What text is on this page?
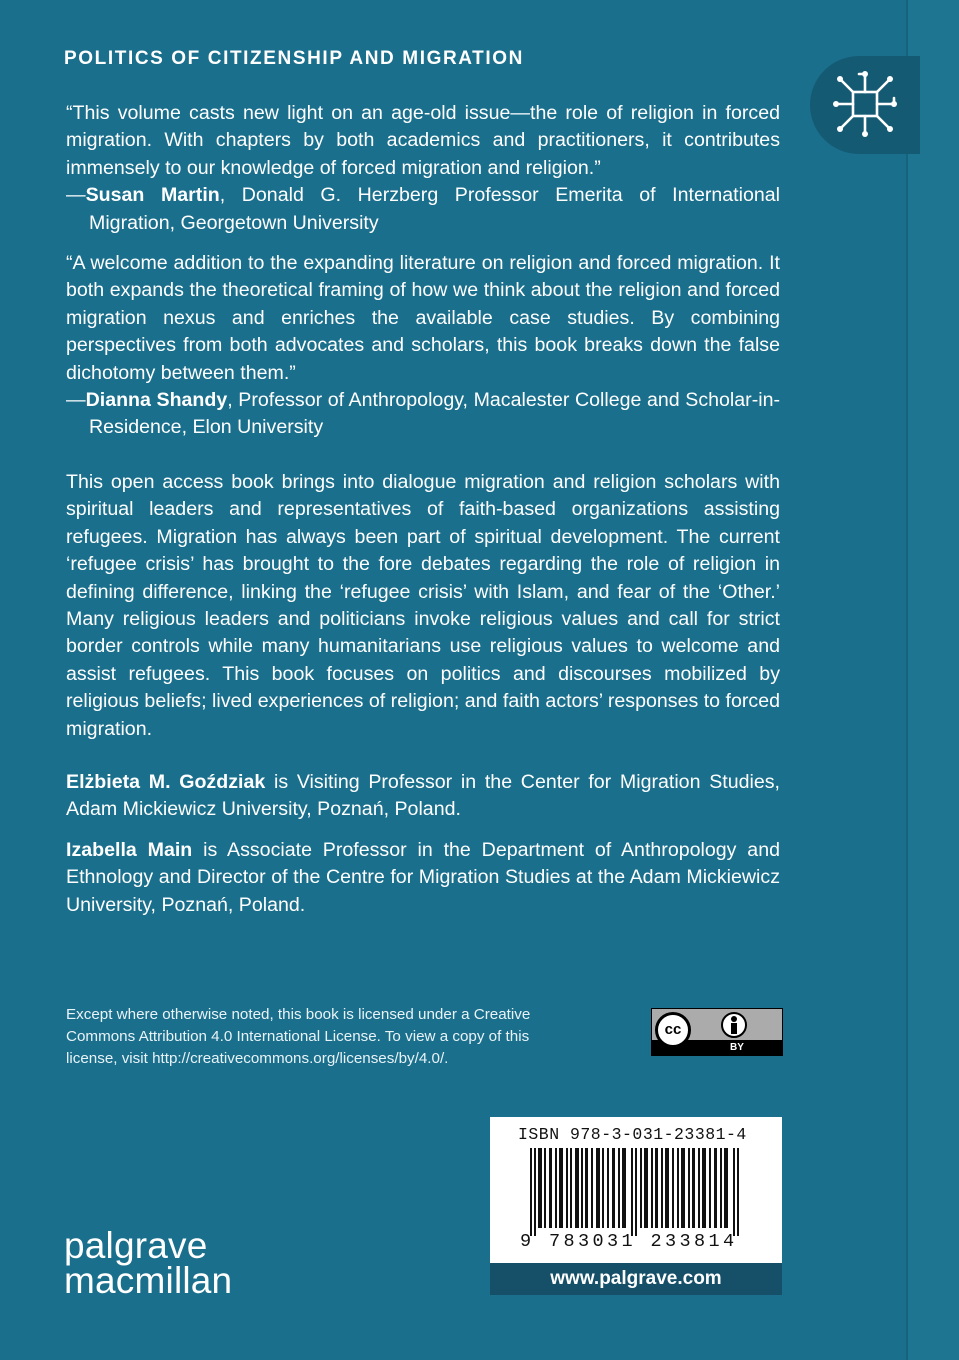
POLITICS OF CITIZENSHIP AND MIGRATION

“This volume casts new light on an age-old issue—the role of religion in forced migration. With chapters by both academics and practitioners, it contributes immensely to our knowledge of forced migration and religion.”

—Susan Martin, Donald G. Herzberg Professor Emerita of International Migration, Georgetown University

“A welcome addition to the expanding literature on religion and forced migration. It both expands the theoretical framing of how we think about the religion and forced migration nexus and enriches the available case studies. By combining perspectives from both advocates and scholars, this book breaks down the false dichotomy between them.”

—Dianna Shandy, Professor of Anthropology, Macalester College and Scholar-in-Residence, Elon University

This open access book brings into dialogue migration and religion scholars with spiritual leaders and representatives of faith-based organizations assisting refugees. Migration has always been part of spiritual development. The current ‘refugee crisis’ has brought to the fore debates regarding the role of religion in defining difference, linking the ‘refugee crisis’ with Islam, and fear of the ‘Other.’ Many religious leaders and politicians invoke religious values and call for strict border controls while many humanitarians use religious values to welcome and assist refugees. This book focuses on politics and discourses mobilized by religious beliefs; lived experiences of religion; and faith actors’ responses to forced migration.

Elżbieta M. Goździak is Visiting Professor in the Center for Migration Studies, Adam Mickiewicz University, Poznań, Poland.

Izabella Main is Associate Professor in the Department of Anthropology and Ethnology and Director of the Centre for Migration Studies at the Adam Mickiewicz University, Poznań, Poland.

Except where otherwise noted, this book is licensed under a Creative Commons Attribution 4.0 International License. To view a copy of this license, visit http://creativecommons.org/licenses/by/4.0/.
cc
BY
ISBN 978-3-031-23381-4
9 783031 233814
www.palgrave.com
palgrave
macmillan
